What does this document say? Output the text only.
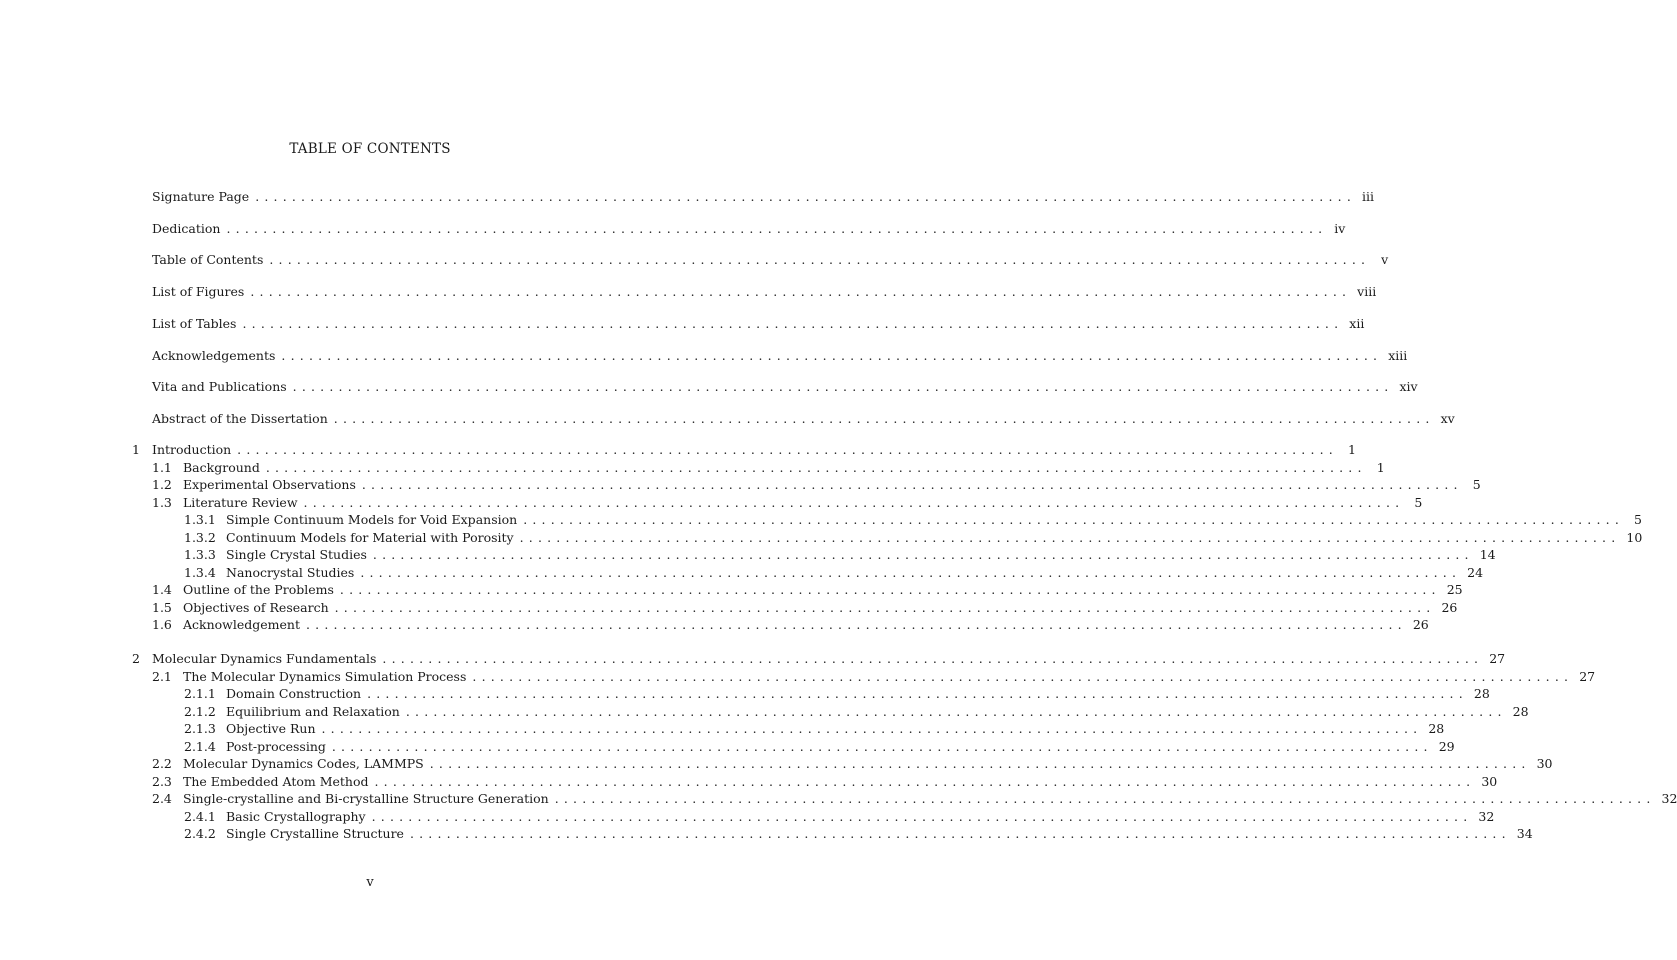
TABLE OF CONTENTS
Signature Page ........................................................................................................................ iii
Dedication ........................................................................................................................ iv
Table of Contents ........................................................................................................................ v
List of Figures ........................................................................................................................ viii
List of Tables ........................................................................................................................ xii
Acknowledgements ........................................................................................................................ xiii
Vita and Publications ........................................................................................................................ xiv
Abstract of the Dissertation ........................................................................................................................ xv
1 Introduction ........................................................................................................................ 1
1.1 Background ........................................................................................................................ 1
1.2 Experimental Observations ........................................................................................................................ 5
1.3 Literature Review ........................................................................................................................ 5
1.3.1 Simple Continuum Models for Void Expansion ........................................................................................................................ 5
1.3.2 Continuum Models for Material with Porosity ........................................................................................................................ 10
1.3.3 Single Crystal Studies ........................................................................................................................ 14
1.3.4 Nanocrystal Studies ........................................................................................................................ 24
1.4 Outline of the Problems ........................................................................................................................ 25
1.5 Objectives of Research ........................................................................................................................ 26
1.6 Acknowledgement ........................................................................................................................ 26
2 Molecular Dynamics Fundamentals ........................................................................................................................ 27
2.1 The Molecular Dynamics Simulation Process ........................................................................................................................ 27
2.1.1 Domain Construction ........................................................................................................................ 28
2.1.2 Equilibrium and Relaxation ........................................................................................................................ 28
2.1.3 Objective Run ........................................................................................................................ 28
2.1.4 Post-processing ........................................................................................................................ 29
2.2 Molecular Dynamics Codes, LAMMPS ........................................................................................................................ 30
2.3 The Embedded Atom Method ........................................................................................................................ 30
2.4 Single-crystalline and Bi-crystalline Structure Generation ........................................................................................................................ 32
2.4.1 Basic Crystallography ........................................................................................................................ 32
2.4.2 Single Crystalline Structure ........................................................................................................................ 34
v
